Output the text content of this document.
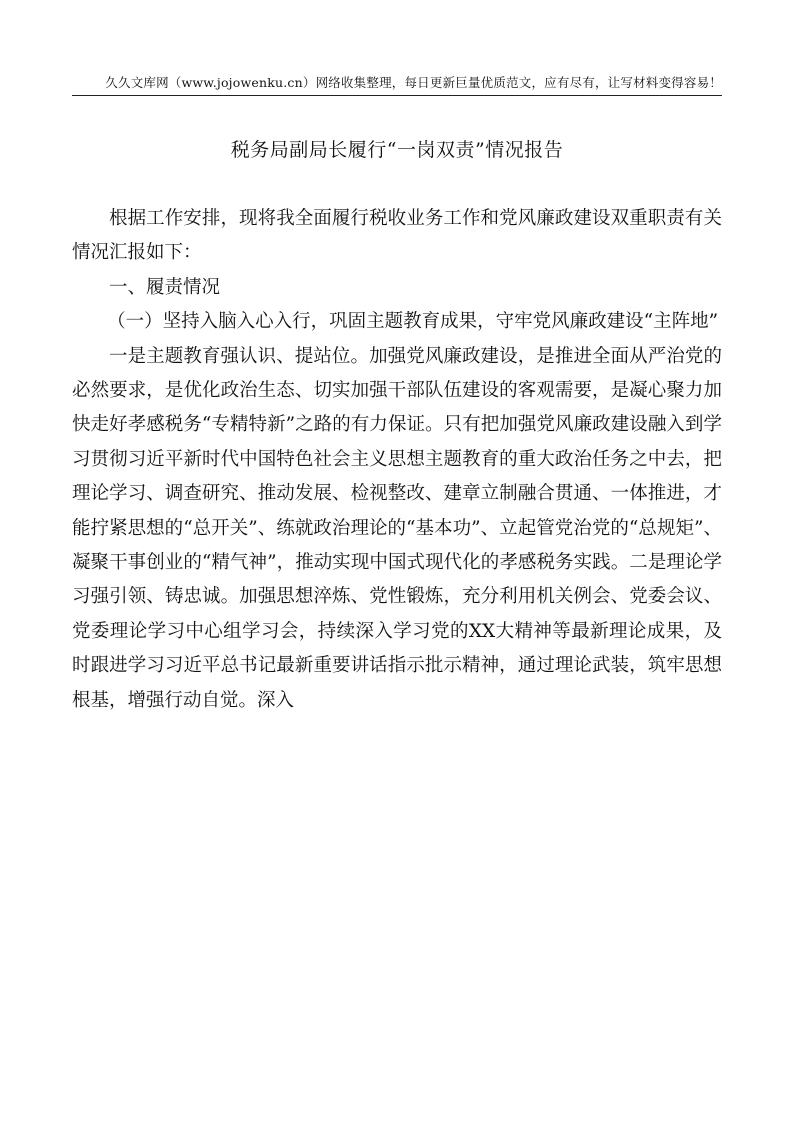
久久文库网（www.jojowenku.cn）网络收集整理，每日更新巨量优质范文，应有尽有，让写材料变得容易！
税务局副局长履行“一岗双责”情况报告

根据工作安排，现将我全面履行税收业务工作和党风廉政建设双重职责有关情况汇报如下：

一、履责情况

（一）坚持入脑入心入行，巩固主题教育成果，守牢党风廉政建设“主阵地”

一是主题教育强认识、提站位。加强党风廉政建设，是推进全面从严治党的必然要求，是优化政治生态、切实加强干部队伍建设的客观需要，是凝心聚力加快走好孝感税务“专精特新”之路的有力保证。只有把加强党风廉政建设融入到学习贯彻习近平新时代中国特色社会主义思想主题教育的重大政治任务之中去，把理论学习、调查研究、推动发展、检视整改、建章立制融合贯通、一体推进，才能拧紧思想的“总开关”、练就政治理论的“基本功”、立起管党治党的“总规矩”、凝聚干事创业的“精气神”，推动实现中国式现代化的孝感税务实践。二是理论学习强引领、铸忠诚。加强思想淬炼、党性锻炼，充分利用机关例会、党委会议、党委理论学习中心组学习会，持续深入学习党的XX大精神等最新理论成果，及时跟进学习习近平总书记最新重要讲话指示批示精神，通过理论武装，筑牢思想根基，增强行动自觉。深入
